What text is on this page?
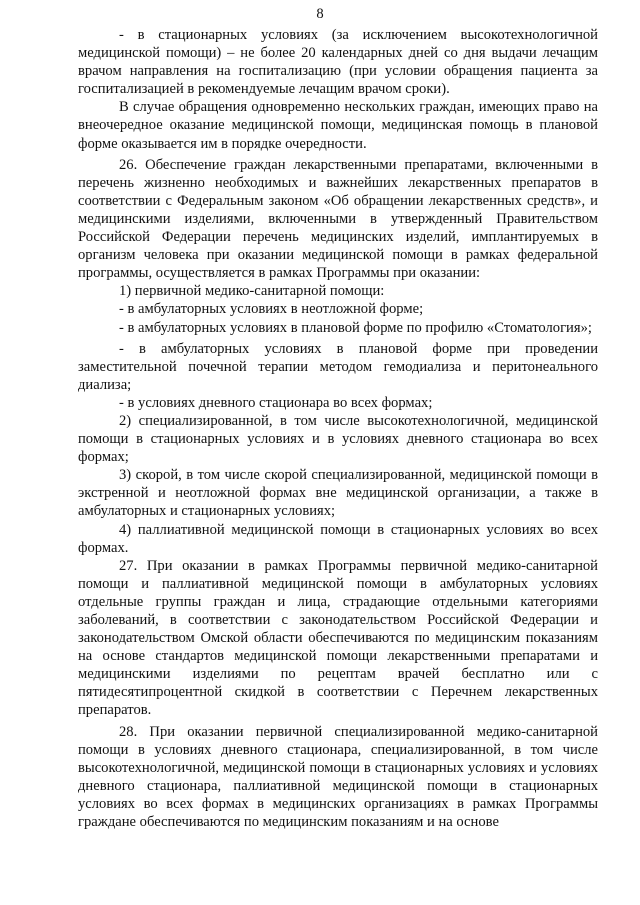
8

- в стационарных условиях (за исключением высокотехнологичной медицинской помощи) – не более 20 календарных дней со дня выдачи лечащим врачом направления на госпитализацию (при условии обращения пациента за госпитализацией в рекомендуемые лечащим врачом сроки).

В случае обращения одновременно нескольких граждан, имеющих право на внеочередное оказание медицинской помощи, медицинская помощь в плановой форме оказывается им в порядке очередности.

26. Обеспечение граждан лекарственными препаратами, включенными в перечень жизненно необходимых и важнейших лекарственных препаратов в соответствии с Федеральным законом «Об обращении лекарственных средств», и медицинскими изделиями, включенными в утвержденный Правительством Российской Федерации перечень медицинских изделий, имплантируемых в организм человека при оказании медицинской помощи в рамках федеральной программы, осуществляется в рамках Программы при оказании:

1) первичной медико-санитарной помощи:

- в амбулаторных условиях в неотложной форме;

- в амбулаторных условиях в плановой форме по профилю «Стоматология»;

- в амбулаторных условиях в плановой форме при проведении заместительной почечной терапии методом гемодиализа и перитонеального диализа;

- в условиях дневного стационара во всех формах;

2) специализированной, в том числе высокотехнологичной, медицинской помощи в стационарных условиях и в условиях дневного стационара во всех формах;

3) скорой, в том числе скорой специализированной, медицинской помощи в экстренной и неотложной формах вне медицинской организации, а также в амбулаторных и стационарных условиях;

4) паллиативной медицинской помощи в стационарных условиях во всех формах.

27. При оказании в рамках Программы первичной медико-санитарной помощи и паллиативной медицинской помощи в амбулаторных условиях отдельные группы граждан и лица, страдающие отдельными категориями заболеваний, в соответствии с законодательством Российской Федерации и законодательством Омской области обеспечиваются по медицинским показаниям на основе стандартов медицинской помощи лекарственными препаратами и медицинскими изделиями по рецептам врачей бесплатно или с пятидесятипроцентной скидкой в соответствии с Перечнем лекарственных препаратов.

28. При оказании первичной специализированной медико-санитарной помощи в условиях дневного стационара, специализированной, в том числе высокотехнологичной, медицинской помощи в стационарных условиях и условиях дневного стационара, паллиативной медицинской помощи в стационарных условиях во всех формах в медицинских организациях в рамках Программы граждане обеспечиваются по медицинским показаниям и на основе
